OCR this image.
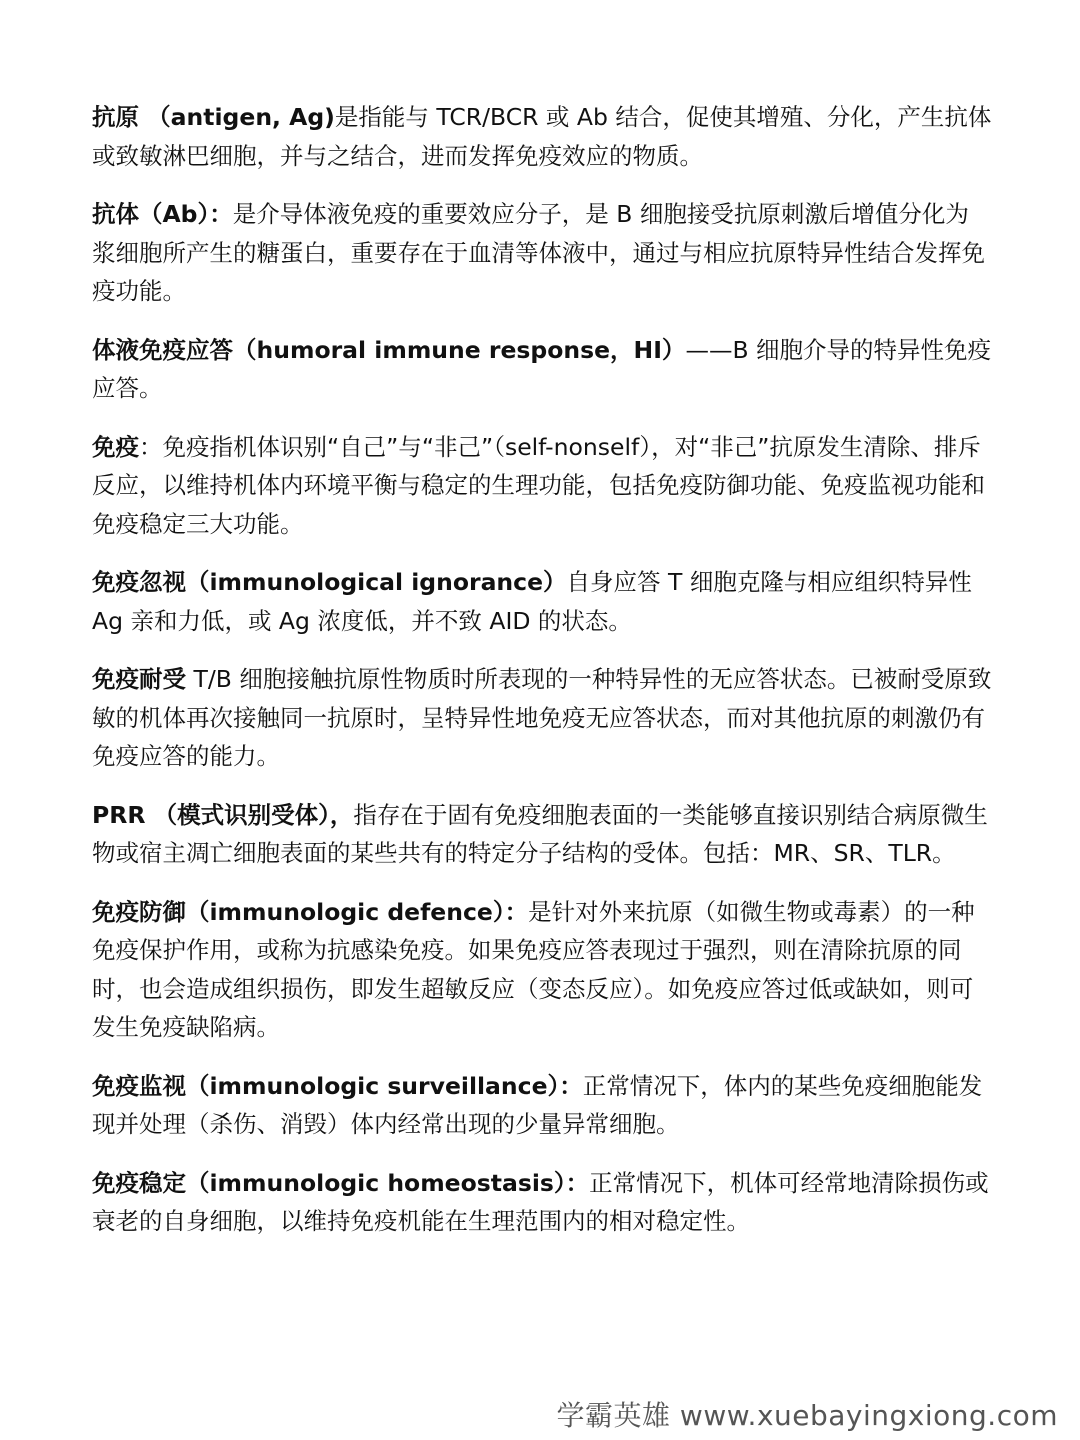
抗原 （antigen, Ag)是指能与 TCR/BCR 或 Ab 结合，促使其增殖、分化，产生抗体或致敏淋巴细胞，并与之结合，进而发挥免疫效应的物质。

抗体（Ab）：是介导体液免疫的重要效应分子，是 B 细胞接受抗原刺激后增值分化为浆细胞所产生的糖蛋白，重要存在于血清等体液中，通过与相应抗原特异性结合发挥免疫功能。

体液免疫应答（humoral immune response，HI）——B 细胞介导的特异性免疫应答。

免疫：免疫指机体识别“自己”与“非己”（self-nonself），对“非己”抗原发生清除、排斥反应，以维持机体内环境平衡与稳定的生理功能，包括免疫防御功能、免疫监视功能和免疫稳定三大功能。

免疫忽视（immunological ignorance）自身应答 T 细胞克隆与相应组织特异性 Ag 亲和力低，或 Ag 浓度低，并不致 AID 的状态。

免疫耐受 T/B 细胞接触抗原性物质时所表现的一种特异性的无应答状态。已被耐受原致敏的机体再次接触同一抗原时，呈特异性地免疫无应答状态，而对其他抗原的刺激仍有免疫应答的能力。

PRR （模式识别受体），指存在于固有免疫细胞表面的一类能够直接识别结合病原微生物或宿主凋亡细胞表面的某些共有的特定分子结构的受体。包括：MR、SR、TLR。

免疫防御（immunologic defence）：是针对外来抗原（如微生物或毒素）的一种免疫保护作用，或称为抗感染免疫。如果免疫应答表现过于强烈，则在清除抗原的同时，也会造成组织损伤，即发生超敏反应（变态反应）。如免疫应答过低或缺如，则可发生免疫缺陷病。

免疫监视（immunologic surveillance）：正常情况下，体内的某些免疫细胞能发现并处理（杀伤、消毁）体内经常出现的少量异常细胞。

免疫稳定（immunologic homeostasis）：正常情况下，机体可经常地清除损伤或衰老的自身细胞，以维持免疫机能在生理范围内的相对稳定性。

学霸英雄 www.xuebayingxiong.com
